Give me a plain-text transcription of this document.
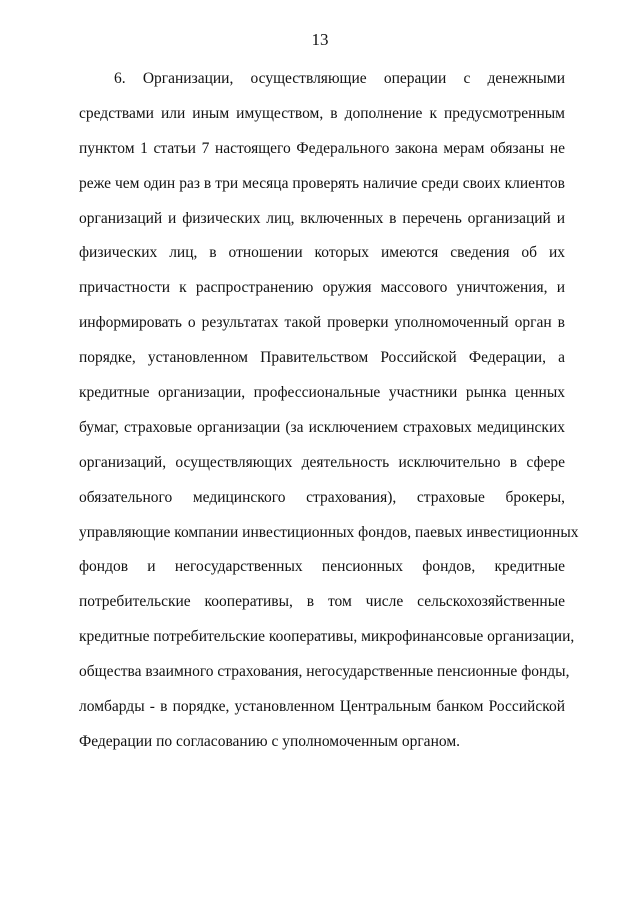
13
6. Организации, осуществляющие операции с денежными
средствами или иным имуществом, в дополнение к предусмотренным
пунктом 1 статьи 7 настоящего Федерального закона мерам обязаны не
реже чем один раз в три месяца проверять наличие среди своих клиентов
организаций и физических лиц, включенных в перечень организаций и
физических лиц, в отношении которых имеются сведения об их
причастности к распространению оружия массового уничтожения, и
информировать о результатах такой проверки уполномоченный орган в
порядке, установленном Правительством Российской Федерации, а
кредитные организации, профессиональные участники рынка ценных
бумаг, страховые организации (за исключением страховых медицинских
организаций, осуществляющих деятельность исключительно в сфере
обязательного медицинского страхования), страховые брокеры,
управляющие компании инвестиционных фондов, паевых инвестиционных
фондов и негосударственных пенсионных фондов, кредитные
потребительские кооперативы, в том числе сельскохозяйственные
кредитные потребительские кооперативы, микрофинансовые организации,
общества взаимного страхования, негосударственные пенсионные фонды,
ломбарды - в порядке, установленном Центральным банком Российской
Федерации по согласованию с уполномоченным органом.
